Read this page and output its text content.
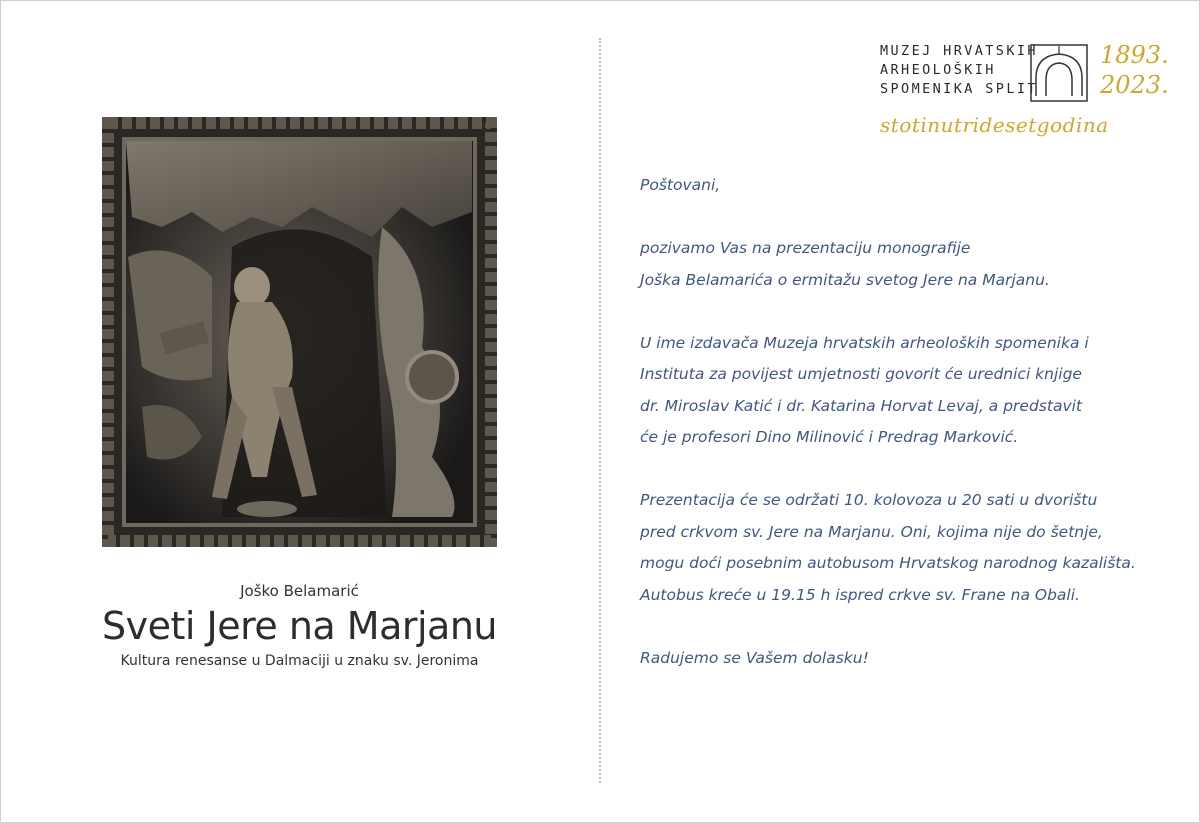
Joško Belamarić
Sveti Jere na Marjanu
Kultura renesanse u Dalmaciji u znaku sv. Jeronima
MUZEJ HRVATSKIH
ARHEOLOŠKIH
SPOMENIKA SPLIT
1893.
2023.
stotinutridesetgodina

Poštovani,

pozivamo Vas na prezentaciju monografije
Joška Belamarića o ermitažu svetog Jere na Marjanu.

U ime izdavača Muzeja hrvatskih arheoloških spomenika i
Instituta za povijest umjetnosti govorit će urednici knjige
dr. Miroslav Katić i dr. Katarina Horvat Levaj, a predstavit
će je profesori Dino Milinović i Predrag Marković.

Prezentacija će se održati 10. kolovoza u 20 sati u dvorištu
pred crkvom sv. Jere na Marjanu. Oni, kojima nije do šetnje,
mogu doći posebnim autobusom Hrvatskog narodnog kazališta.
Autobus kreće u 19.15 h ispred crkve sv. Frane na Obali.

Radujemo se Vašem dolasku!
